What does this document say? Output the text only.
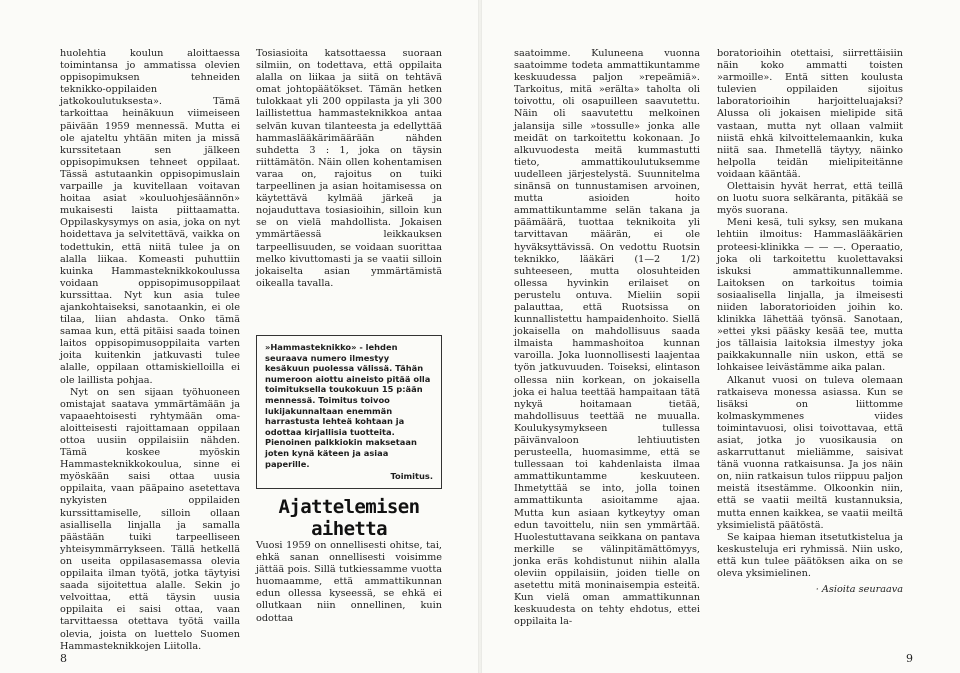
huolehtia koulun aloittaessa toimintansa jo ammatissa olevien oppisopimuksen tehneiden teknikko-oppilaiden jatkokoulutuksesta». Tämä tarkoittaa heinäkuun viimeiseen päivään 1959 mennessä. Mutta ei ole ajateltu yhtään miten ja missä kurssitetaan sen jälkeen oppisopimuksen tehneet oppilaat. Tässä astutaankin oppisopimuslain varpaille ja kuvitellaan voitavan hoitaa asiat »kouluohjesäännön» mukaisesti laista piittaamatta. Oppilaskysymys on asia, joka on nyt hoidettava ja selvitettävä, vaikka on todettukin, että niitä tulee ja on alalla liikaa. Komeasti puhuttiin kuinka Hammasteknikkokoulussa voidaan oppisopimusoppilaat kurssittaa. Nyt kun asia tulee ajankohtaiseksi, sanotaankin, ei ole tilaa, liian ahdasta. Onko tämä samaa kun, että pitäisi saada toinen laitos oppisopimusoppilaita varten joita kuitenkin jatkuvasti tulee alalle, oppilaan ottamiskielloilla ei ole laillista pohjaa.

Nyt on sen sijaan työhuoneen omistajat saatava ymmärtämään ja vapaaehtoisesti ryhtymään oma-aloitteisesti rajoittamaan oppilaan ottoa uusiin oppilaisiin nähden. Tämä koskee myöskin Hammasteknikkokoulua, sinne ei myöskään saisi ottaa uusia oppilaita, vaan pääpaino asetettava nykyisten oppilaiden kurssittamiselle, silloin ollaan asiallisella linjalla ja samalla päästään tuiki tarpeelliseen yhteisymmärrykseen. Tällä hetkellä on useita oppilasasemassa olevia oppilaita ilman työtä, jotka täytyisi saada sijoitettua alalle. Sekin jo velvoittaa, että täysin uusia oppilaita ei saisi ottaa, vaan tarvittaessa otettava työtä vailla olevia, joista on luettelo Suomen Hammasteknikkojen Liitolla.

Tosiasioita katsottaessa suoraan silmiin, on todettava, että oppilaita alalla on liikaa ja siitä on tehtävä omat johtopäätökset. Tämän hetken tulokkaat yli 200 oppilasta ja yli 300 laillistettua hammasteknikkoa antaa selvän kuvan tilanteesta ja edellyttää hammaslääkärimäärään nähden suhdetta 3 : 1, joka on täysin riittämätön. Näin ollen kohentamisen varaa on, rajoitus on tuiki tarpeellinen ja asian hoitamisessa on käytettävä kylmää järkeä ja nojauduttava tosiasioihin, silloin kun se on vielä mahdollista. Jokaisen ymmärtäessä leikkauksen tarpeellisuuden, se voidaan suorittaa melko kivuttomasti ja se vaatii silloin jokaiselta asian ymmärtämistä oikealla tavalla.

»Hammasteknikko» - lehden seuraava numero ilmestyy kesäkuun puolessa välissä. Tähän numeroon aiottu aineisto pitää olla toimituksella toukokuun 15 p:ään mennessä. Toimitus toivoo lukijakunnaltaan enemmän harrastusta lehteä kohtaan ja odottaa kirjallisia tuotteita. Pienoinen palkkiokin maksetaan joten kynä käteen ja asiaa paperille.
Toimitus.
Ajattelemisen aihetta

Vuosi 1959 on onnellisesti ohitse, tai, ehkä sanan onnellisesti voisimme jättää pois. Sillä tutkiessamme vuotta huomaamme, että ammattikunnan edun ollessa kyseessä, se ehkä ei ollutkaan niin onnellinen, kuin odottaa

8

saatoimme. Kuluneena vuonna saatoimme todeta ammattikuntamme keskuudessa paljon »repeämiä». Tarkoitus, mitä »erälta» taholta oli toivottu, oli osapuilleen saavutettu. Näin oli saavutettu melkoinen jalansija sille »tossulle» jonka alle meidät on tarkoitettu kokonaan. Jo alkuvuodesta meitä kummastutti tieto, ammattikoulutuksemme uudelleen järjestelystä. Suunnitelma sinänsä on tunnustamisen arvoinen, mutta asioiden hoito ammattikuntamme selän takana ja päämäärä, tuottaa teknikoita yli tarvittavan määrän, ei ole hyväksyttävissä. On vedottu Ruotsin teknikko, lääkäri (1—2 1/2) suhteeseen, mutta olosuhteiden ollessa hyvinkin erilaiset on perustelu ontuva. Mieliin sopii palauttaa, että Ruotsissa on kunnallistettu hampaidenhoito. Siellä jokaisella on mahdollisuus saada ilmaista hammashoitoa kunnan varoilla. Joka luonnollisesti laajentaa työn jatkuvuuden. Toiseksi, elintason ollessa niin korkean, on jokaisella joka ei halua teettää hampaitaan tätä nykyä hoitamaan tietää, mahdollisuus teettää ne muualla. Koulukysymykseen tullessa päivänvaloon lehtiuutisten perusteella, huomasimme, että se tullessaan toi kahdenlaista ilmaa ammattikuntamme keskuuteen. Ihmetyttää se into, jolla toinen ammattikunta asioitamme ajaa. Mutta kun asiaan kytkeytyy oman edun tavoittelu, niin sen ymmärtää. Huolestuttavana seikkana on pantava merkille se välinpitämättömyys, jonka eräs kohdistunut niihin alalla oleviin oppilaisiin, joiden tielle on asetettu mitä moninaisempia esteitä. Kun vielä oman ammattikunnan keskuudesta on tehty ehdotus, ettei oppilaita la-

boratorioihin otettaisi, siirrettäisiin näin koko ammatti toisten »armoille». Entä sitten koulusta tulevien oppilaiden sijoitus laboratorioihin harjoitteluajaksi? Alussa oli jokaisen mielipide sitä vastaan, mutta nyt ollaan valmiit niistä ehkä kilvoittelemaankin, kuka niitä saa. Ihmetellä täytyy, näinko helpolla teidän mielipiteitänne voidaan kääntää.

Olettaisin hyvät herrat, että teillä on luotu suora selkäranta, pitäkää se myös suorana.

Meni kesä, tuli syksy, sen mukana lehtiin ilmoitus: Hammaslääkärien proteesi-klinikka — — —. Operaatio, joka oli tarkoitettu kuolettavaksi iskuksi ammattikunnallemme. Laitoksen on tarkoitus toimia sosiaalisella linjalla, ja ilmeisesti niiden laboratorioiden joihin ko. klinikka lähettää työnsä. Sanotaan, »ettei yksi pääsky kesää tee, mutta jos tällaisia laitoksia ilmestyy joka paikkakunnalle niin uskon, että se lohkaisee leivästämme aika palan.

Alkanut vuosi on tuleva olemaan ratkaiseva monessa asiassa. Kun se lisäksi on liittomme kolmaskymmenes viides toimintavuosi, olisi toivottavaa, että asiat, jotka jo vuosikausia on askarruttanut mieliämme, saisivat tänä vuonna ratkaisunsa. Ja jos näin on, niin ratkaisun tulos riippuu paljon meistä itsestämme. Olkoonkin niin, että se vaatii meiltä kustannuksia, mutta ennen kaikkea, se vaatii meiltä yksimielistä päätöstä.

Se kaipaa hieman itsetutkistelua ja keskusteluja eri ryhmissä. Niin usko, että kun tulee päätöksen aika on se oleva yksimielinen.

· Asioita seuraava
9
